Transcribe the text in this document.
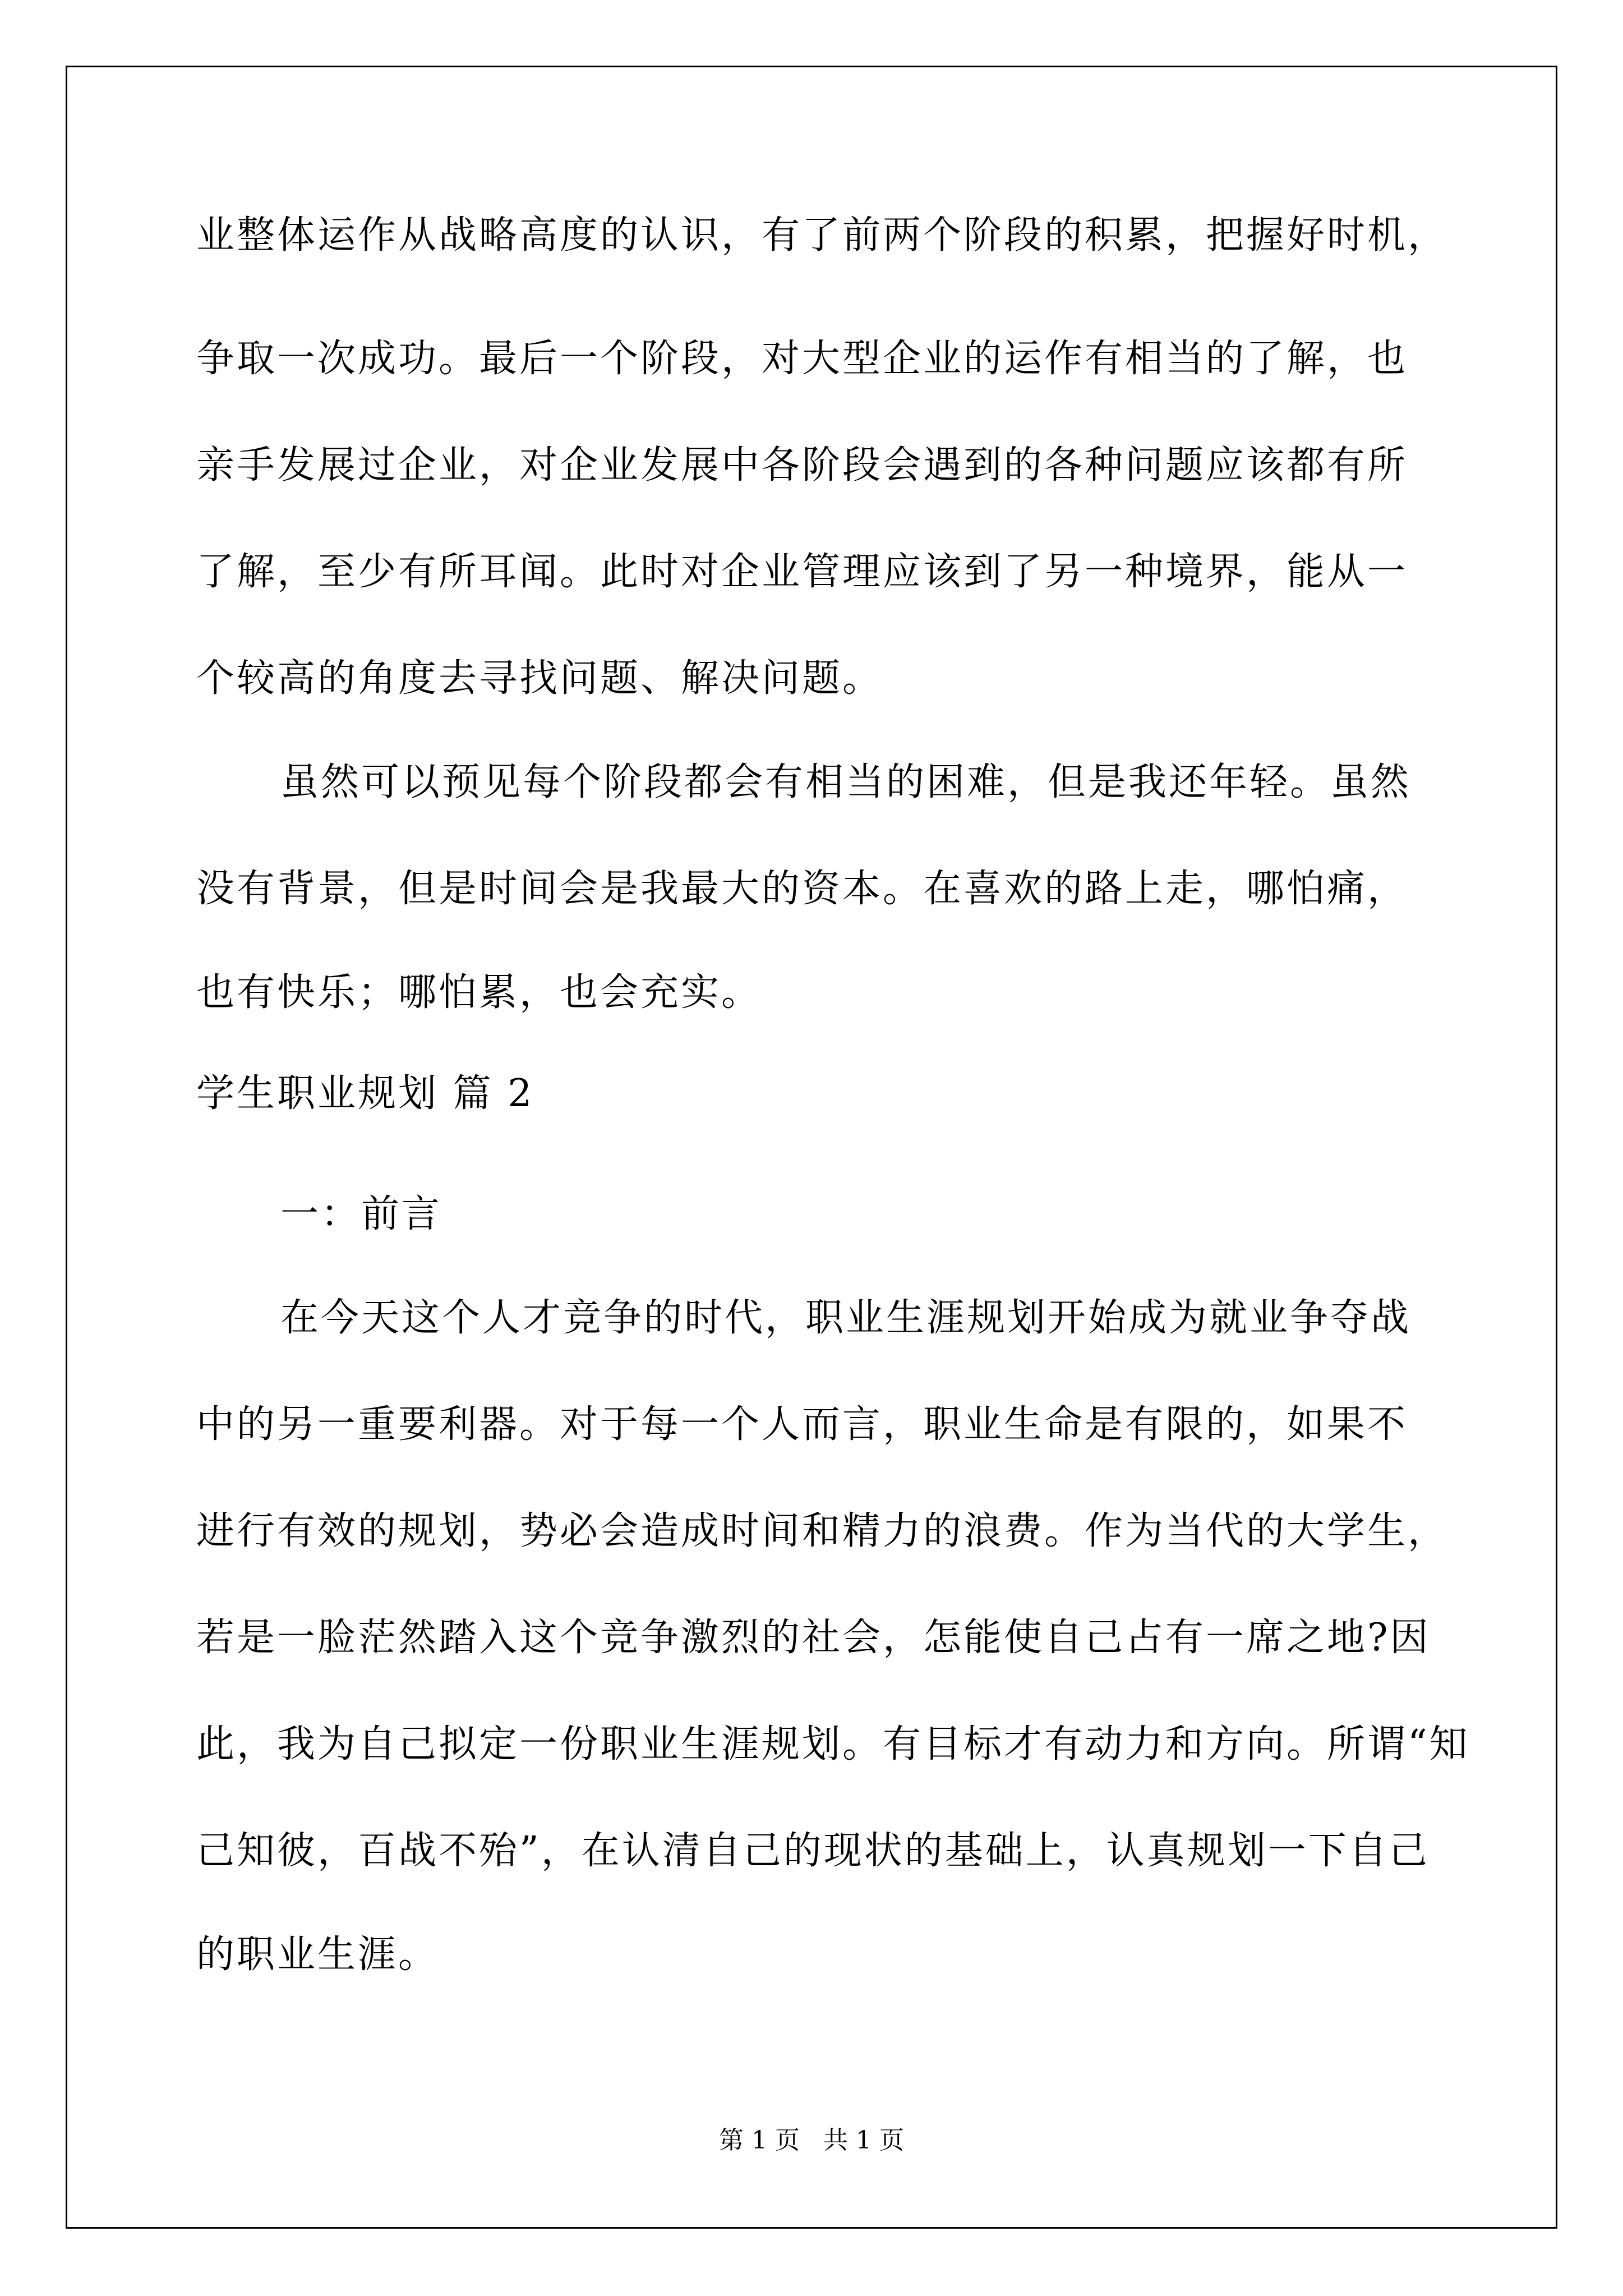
业整体运作从战略高度的认识，有了前两个阶段的积累，把握好时机，
争取一次成功。最后一个阶段，对大型企业的运作有相当的了解，也
亲手发展过企业，对企业发展中各阶段会遇到的各种问题应该都有所
了解，至少有所耳闻。此时对企业管理应该到了另一种境界，能从一
个较高的角度去寻找问题、解决问题。
虽然可以预见每个阶段都会有相当的困难，但是我还年轻。虽然
没有背景，但是时间会是我最大的资本。在喜欢的路上走，哪怕痛，
也有快乐；哪怕累，也会充实。
学生职业规划 篇 2
一：前言
在今天这个人才竞争的时代，职业生涯规划开始成为就业争夺战
中的另一重要利器。对于每一个人而言，职业生命是有限的，如果不
进行有效的规划，势必会造成时间和精力的浪费。作为当代的大学生，
若是一脸茫然踏入这个竞争激烈的社会，怎能使自己占有一席之地?因
此，我为自己拟定一份职业生涯规划。有目标才有动力和方向。所谓“知
己知彼，百战不殆”，在认清自己的现状的基础上，认真规划一下自己
的职业生涯。
第 1 页   共 1 页
